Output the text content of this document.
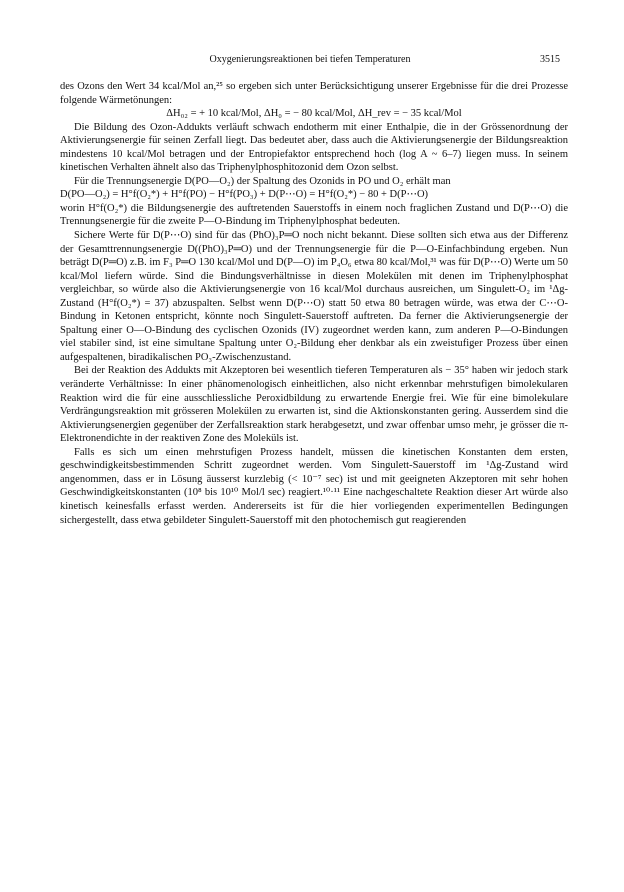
Oxygenierungsreaktionen bei tiefen Temperaturen	3515

des Ozons den Wert 34 kcal/Mol an,²⁵ so ergeben sich unter Berücksichtigung unserer Ergebnisse für die drei Prozesse folgende Wärmetönungen:

ΔH₀₂ = + 10 kcal/Mol, ΔH₀ = − 80 kcal/Mol, ΔH_rev = − 35 kcal/Mol

Die Bildung des Ozon-Addukts verläuft schwach endotherm mit einer Enthalpie, die in der Grössenordnung der Aktivierungsenergie für seinen Zerfall liegt. Das bedeutet aber, dass auch die Aktivierungsenergie der Bildungsreaktion mindestens 10 kcal/Mol betragen und der Entropiefaktor entsprechend hoch (log A ~ 6–7) liegen muss. In seinem kinetischen Verhalten ähnelt also das Triphenylphosphitozonid dem Ozon selbst.

Für die Trennungsenergie D(PO—O₂) der Spaltung des Ozonids in PO und O₂ erhält man

D(PO—O₂) = H°f(O₂*) + H°f(PO) − H°f(PO₃) + D(P⋯O) = H°f(O₂*) − 80 + D(P⋯O)

worin H°f(O₂*) die Bildungsenergie des auftretenden Sauerstoffs in einem noch fraglichen Zustand und D(P⋯O) die Trennungsenergie für die zweite P—O-Bindung im Triphenylphosphat bedeuten.

Sichere Werte für D(P⋯O) sind für das (PhO)₃P═O noch nicht bekannt. Diese sollten sich etwa aus der Differenz der Gesamttrennungsenergie D((PhO)₃P═O) und der Trennungsenergie für die P—O-Einfachbindung ergeben. Nun beträgt D(P═O) z.B. im F₃ P═O 130 kcal/Mol und D(P—O) im P₄O₆ etwa 80 kcal/Mol,³¹ was für D(P⋯O) Werte um 50 kcal/Mol liefern würde. Sind die Bindungsverhältnisse in diesen Molekülen mit denen im Triphenylphosphat vergleichbar, so würde also die Aktivierungsenergie von 16 kcal/Mol durchaus ausreichen, um Singulett-O₂ im ¹Δg-Zustand (H°f(O₂*) = 37) abzuspalten. Selbst wenn D(P⋯O) statt 50 etwa 80 betragen würde, was etwa der C⋯O-Bindung in Ketonen entspricht, könnte noch Singulett-Sauerstoff auftreten. Da ferner die Aktivierungsenergie der Spaltung einer O—O-Bindung des cyclischen Ozonids (IV) zugeordnet werden kann, zum anderen P—O-Bindungen viel stabiler sind, ist eine simultane Spaltung unter O₂-Bildung eher denkbar als ein zweistufiger Prozess über einen aufgespaltenen, biradikalischen PO₃-Zwischenzustand.

Bei der Reaktion des Addukts mit Akzeptoren bei wesentlich tieferen Temperaturen als − 35° haben wir jedoch stark veränderte Verhältnisse: In einer phänomenologisch einheitlichen, also nicht erkennbar mehrstufigen bimolekularen Reaktion wird die für eine ausschliessliche Peroxidbildung zu erwartende Energie frei. Wie für eine bimolekulare Verdrängungsreaktion mit grösseren Molekülen zu erwarten ist, sind die Aktionskonstanten gering. Ausserdem sind die Aktivierungsenergien gegenüber der Zerfallsreaktion stark herabgesetzt, und zwar offenbar umso mehr, je grösser die π-Elektronendichte in der reaktiven Zone des Moleküls ist.

Falls es sich um einen mehrstufigen Prozess handelt, müssen die kinetischen Konstanten dem ersten, geschwindigkeitsbestimmenden Schritt zugeordnet werden. Vom Singulett-Sauerstoff im ¹Δg-Zustand wird angenommen, dass er in Lösung äusserst kurzlebig (< 10⁻⁷ sec) ist und mit geeigneten Akzeptoren mit sehr hohen Geschwindigkeitskonstanten (10⁸ bis 10¹⁰ Mol/l sec) reagiert.¹⁰·¹¹ Eine nachgeschaltete Reaktion dieser Art würde also kinetisch keinesfalls erfasst werden. Andererseits ist für die hier vorliegenden experimentellen Bedingungen sichergestellt, dass etwa gebildeter Singulett-Sauerstoff mit den photochemisch gut reagierenden
